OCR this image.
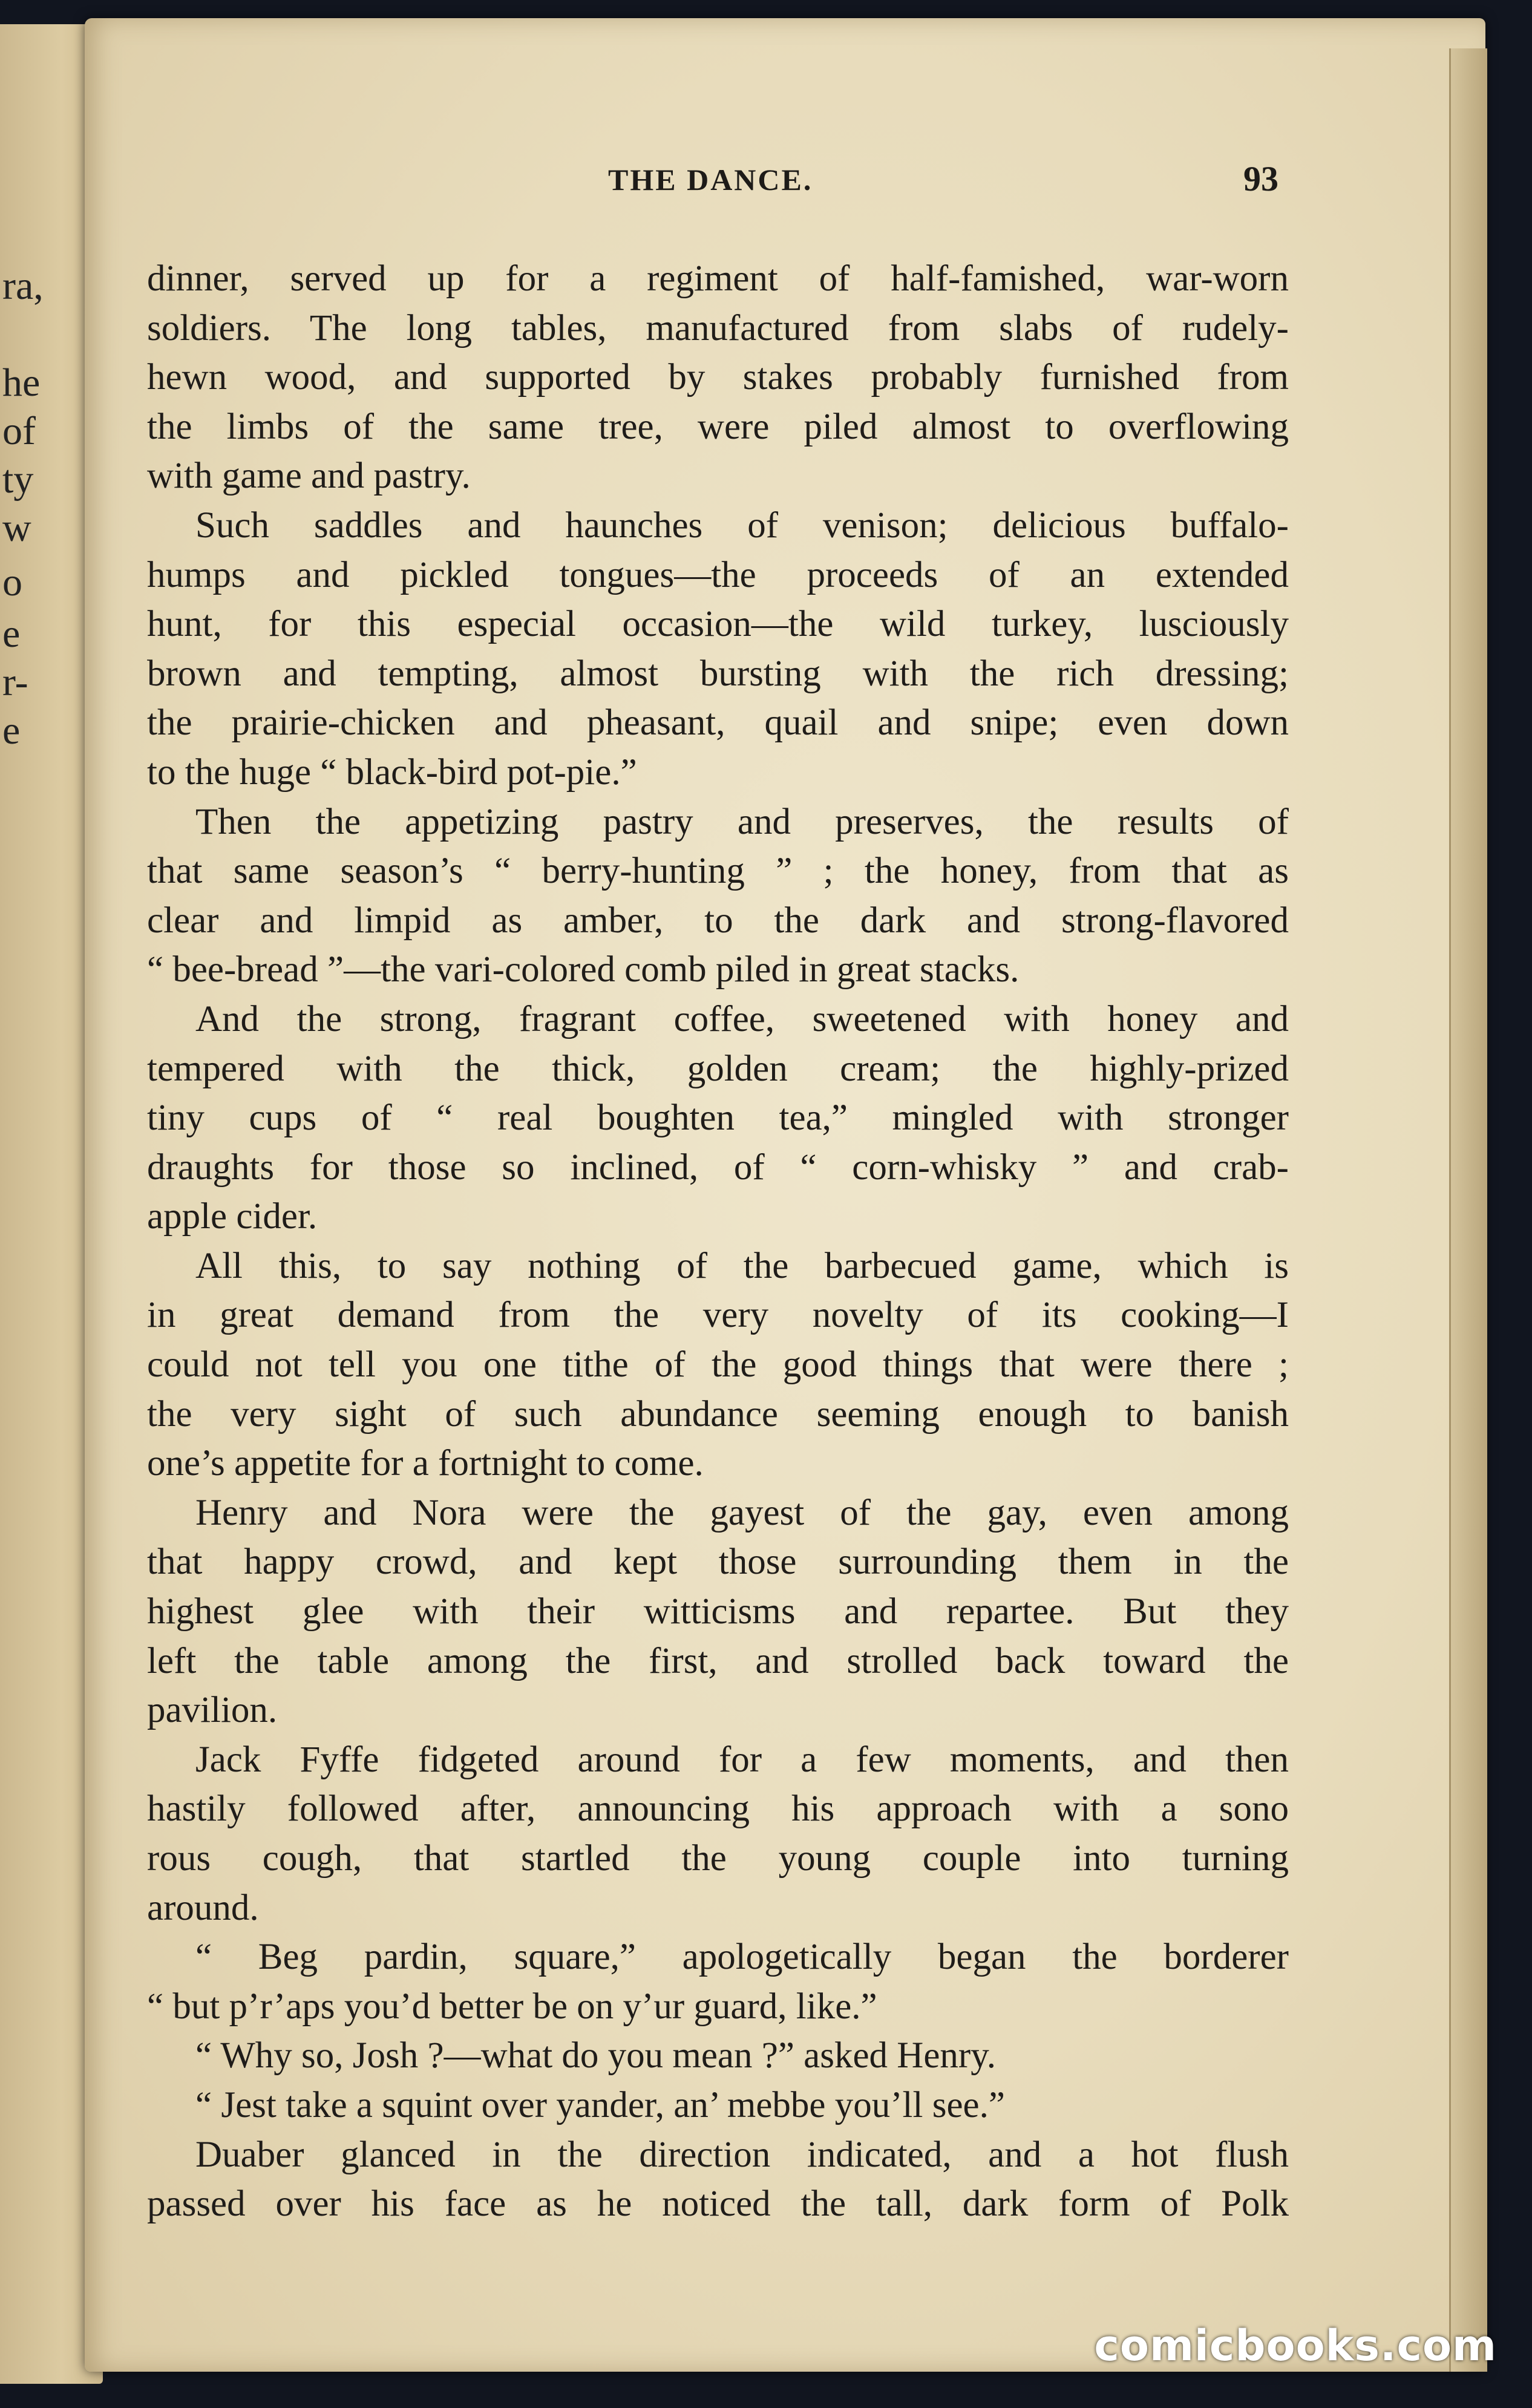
ra,
he
of
ty
w
o
e
r-
e
THE DANCE.	93
dinner, served up for a regiment of half-famished, war-worn
soldiers. The long tables, manufactured from slabs of rudely-
hewn wood, and supported by stakes probably furnished from
the limbs of the same tree, were piled almost to overflowing
with game and pastry.
Such saddles and haunches of venison; delicious buffalo-
humps and pickled tongues—the proceeds of an extended
hunt, for this especial occasion—the wild turkey, lusciously
brown and tempting, almost bursting with the rich dressing;
the prairie-chicken and pheasant, quail and snipe; even down
to the huge “ black-bird pot-pie.”
Then the appetizing pastry and preserves, the results of
that same season’s “ berry-hunting ” ; the honey, from that as
clear and limpid as amber, to the dark and strong-flavored
“ bee-bread ”—the vari-colored comb piled in great stacks.
And the strong, fragrant coffee, sweetened with honey and
tempered with the thick, golden cream; the highly-prized
tiny cups of “ real boughten tea,” mingled with stronger
draughts for those so inclined, of “ corn-whisky ” and crab-
apple cider.
All this, to say nothing of the barbecued game, which is
in great demand from the very novelty of its cooking—I
could not tell you one tithe of the good things that were there ;
the very sight of such abundance seeming enough to banish
one’s appetite for a fortnight to come.
Henry and Nora were the gayest of the gay, even among
that happy crowd, and kept those surrounding them in the
highest glee with their witticisms and repartee. But they
left the table among the first, and strolled back toward the
pavilion.
Jack Fyffe fidgeted around for a few moments, and then
hastily followed after, announcing his approach with a sono
rous cough, that startled the young couple into turning
around.
“ Beg pardin, square,” apologetically began the borderer
“ but p’r’aps you’d better be on y’ur guard, like.”
“ Why so, Josh ?—what do you mean ?” asked Henry.
“ Jest take a squint over yander, an’ mebbe you’ll see.”
Duaber glanced in the direction indicated, and a hot flush
passed over his face as he noticed the tall, dark form of Polk
comicbooks.com
